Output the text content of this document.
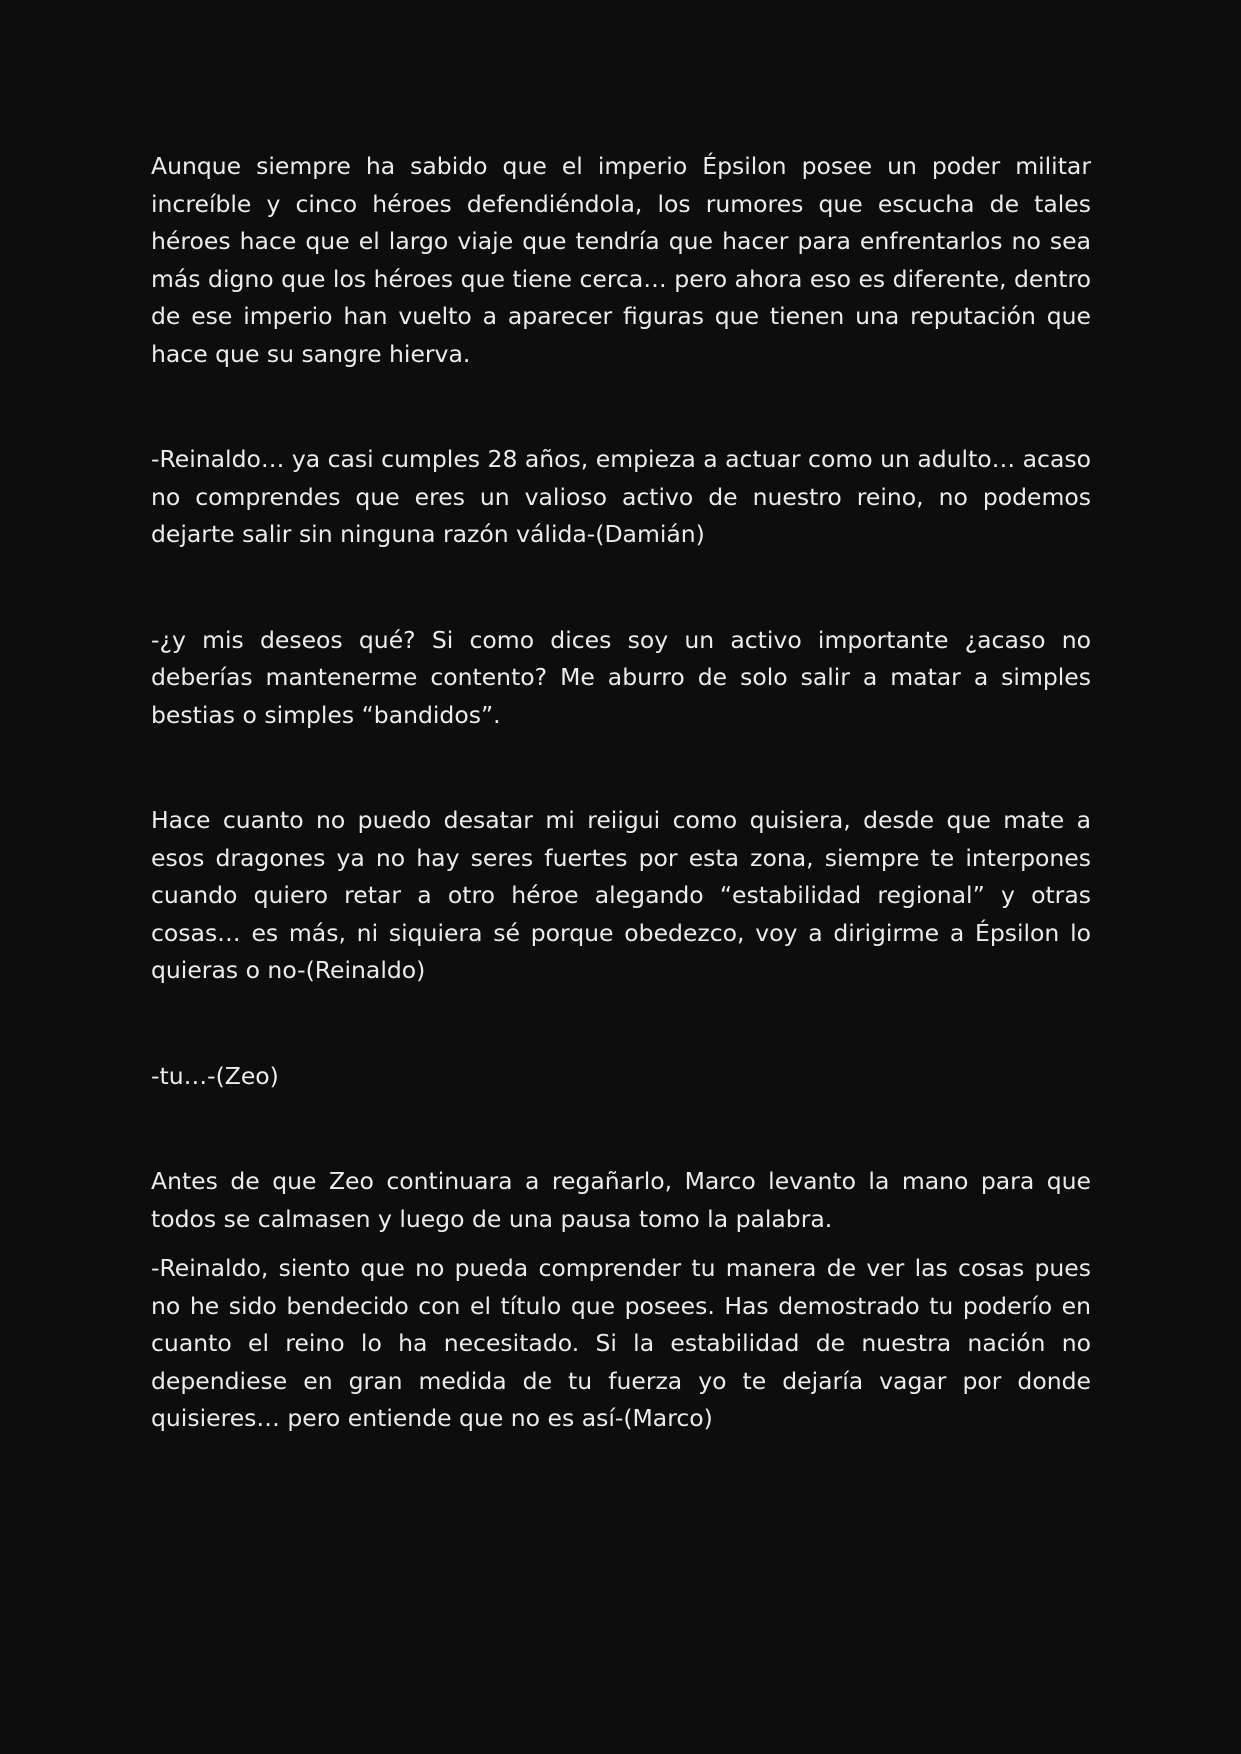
Aunque siempre ha sabido que el imperio Épsilon posee un poder militar increíble y cinco héroes defendiéndola, los rumores que escucha de tales héroes hace que el largo viaje que tendría que hacer para enfrentarlos no sea más digno que los héroes que tiene cerca… pero ahora eso es diferente, dentro de ese imperio han vuelto a aparecer figuras que tienen una reputación que hace que su sangre hierva.

-Reinaldo… ya casi cumples 28 años, empieza a actuar como un adulto… acaso no comprendes que eres un valioso activo de nuestro reino, no podemos dejarte salir sin ninguna razón válida-(Damián)

-¿y mis deseos qué? Si como dices soy un activo importante ¿acaso no deberías mantenerme contento? Me aburro de solo salir a matar a simples bestias o simples “bandidos”.

Hace cuanto no puedo desatar mi reiigui como quisiera, desde que mate a esos dragones ya no hay seres fuertes por esta zona, siempre te interpones cuando quiero retar a otro héroe alegando “estabilidad regional” y otras cosas… es más, ni siquiera sé porque obedezco, voy a dirigirme a Épsilon lo quieras o no-(Reinaldo)

-tu…-(Zeo)

Antes de que Zeo continuara a regañarlo, Marco levanto la mano para que todos se calmasen y luego de una pausa tomo la palabra.

-Reinaldo, siento que no pueda comprender tu manera de ver las cosas pues no he sido bendecido con el título que posees. Has demostrado tu poderío en cuanto el reino lo ha necesitado. Si la estabilidad de nuestra nación no dependiese en gran medida de tu fuerza yo te dejaría vagar por donde quisieres… pero entiende que no es así-(Marco)
